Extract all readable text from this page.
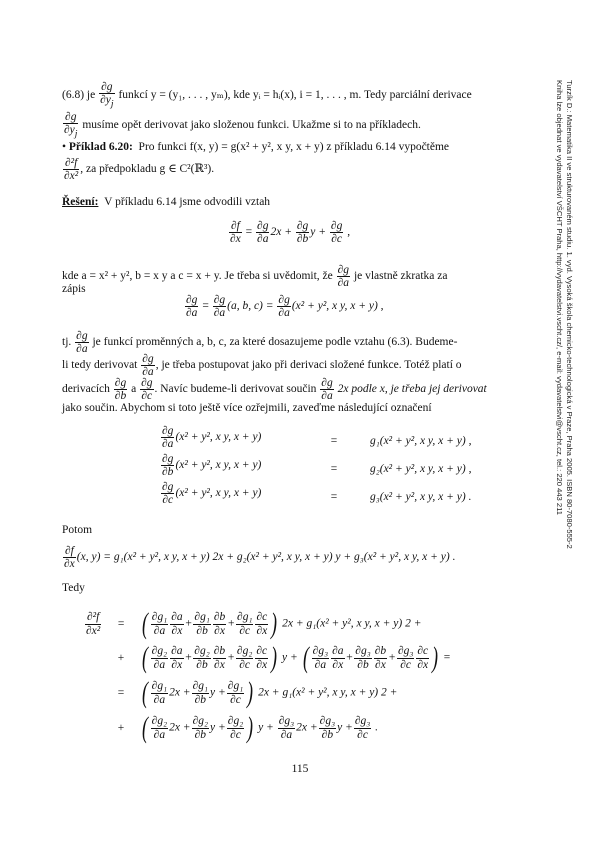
Turzík D.: Matematika II ve strukturovaném studiu. 1. vyd. Vysoká škola chemicko-technologická v Praze, Praha 2005. ISBN 80-7080-555-2
Kniha lze objednat ve vydavatelství VŠCHT Praha, http://vydavatelstvi.vscht.cz/, e-mail: vydavatelstvi@vscht.cz, tel.: 220 443 211
(6.8) je $\frac{\partial g}{\partial y_j}$ funkcí y = (y₁, . . . , yₘ), kde yᵢ = hᵢ(x), i = 1, . . . , m. Tedy parciální derivace
$\frac{\partial g}{\partial y_j}$ musíme opět derivovat jako složenou funkci. Ukažme si to na příkladech.
• Příklad 6.20: Pro funkci f(x, y) = g(x² + y², x y, x + y) z příkladu 6.14 vypočtěme
$\frac{\text{∂²f}}{\text{∂x²}}$ , za předpokladu g ∈ C²(ℝ³).
Řešení: V příkladu 6.14 jsme odvodili vztah
$\frac{\partial f}{\partial x} = \frac{\partial g}{\partial a} 2x + \frac{\partial g}{\partial b}$ $y + \frac{\partial g}{\partial c}$ ,
kde a = x² + y², b = x y a c = x + y. Je třeba si uvědomit, že $\frac{\partial g}{\partial a}$ je vlastně zkratka za
zápis
$\frac{\partial g}{\partial a} = \frac{\partial g}{\partial a} (a$, b, $c) = \frac{\partial g}{\partial a} (x^2 + y^2$, x y, x + y) ,
tj. $\frac{\partial g}{\partial a}$ je funkcí proměnných a, b, c, za které dosazujeme podle vztahu (6.3). Budeme-
li tedy derivovat $\frac{\partial g}{\partial a}$ , je třeba postupovat jako při derivaci složené funkce. Totéž platí o
derivacích $\frac{\partial g}{\partial b}$ a $\frac{\partial g}{\partial c}$ . Navíc budeme-li derivovat součin $\frac{\partial g}{\partial a} 2x$ podle x, je třeba jej derivovat
jako součin. Abychom si toto ještě více ozřejmili, zaveďme následující označení
$\frac{\partial g}{\partial a} (x^2 + y^2$, x y, x + y)	=	g₁(x² + y², x y, x + y) ,
$\frac{\partial g}{\partial b} (x^2 + y^2$, x y, x + y)	=	g₂(x² + y², x y, x + y) ,
$\frac{\partial g}{\partial c} (x^2 + y^2$, x y, x + y)	=	g₃(x² + y², x y, x + y) .
Potom
$\frac{\partial f}{\partial x} (x$, y) = g₁(x² + y², x y, x + y) 2x + g₂(x² + y², x y, x + y) y + g₃(x² + y², x y, x + y) .
Tedy
$\frac{\text{∂²f}}{\text{∂x²}}$ = ( $\frac{\text{∂g₁}}{\partial a} \frac{\partial a}{\partial x} + \frac{\text{∂g₁}}{\partial b} \frac{\partial b}{\partial x} + \frac{\text{∂g₁}}{\partial c} \frac{\partial c}{\partial x}$ ) 2x + g₁(x² + y², x y, x + y) 2 +
+ ( $\frac{\text{∂g₂}}{\partial a} \frac{\partial a}{\partial x} + \frac{\text{∂g₂}}{\partial b} \frac{\partial b}{\partial x} + \frac{\text{∂g₂}}{\partial c} \frac{\partial c}{\partial x}$ ) y + ( $\frac{\text{∂g₃}}{\partial a} \frac{\partial a}{\partial x} + \frac{\text{∂g₃}}{\partial b} \frac{\partial b}{\partial x} + \frac{\text{∂g₃}}{\partial c} \frac{\partial c}{\partial x}$ ) =
= ( $\frac{\text{∂g₁}}{\partial a} 2x + \frac{\text{∂g₁}}{\partial b}$ $y + \frac{\text{∂g₁}}{\partial c}$ ) 2x + g₁(x² + y², x y, x + y) 2 +
+ ( $\frac{\text{∂g₂}}{\partial a} 2x + \frac{\text{∂g₂}}{\partial b}$ $y + \frac{\text{∂g₂}}{\partial c}$ ) $y + \frac{\text{∂g₃}}{\partial a} 2x + \frac{\text{∂g₃}}{\partial b}$ $y + \frac{\text{∂g₃}}{\partial c}$ .
115
